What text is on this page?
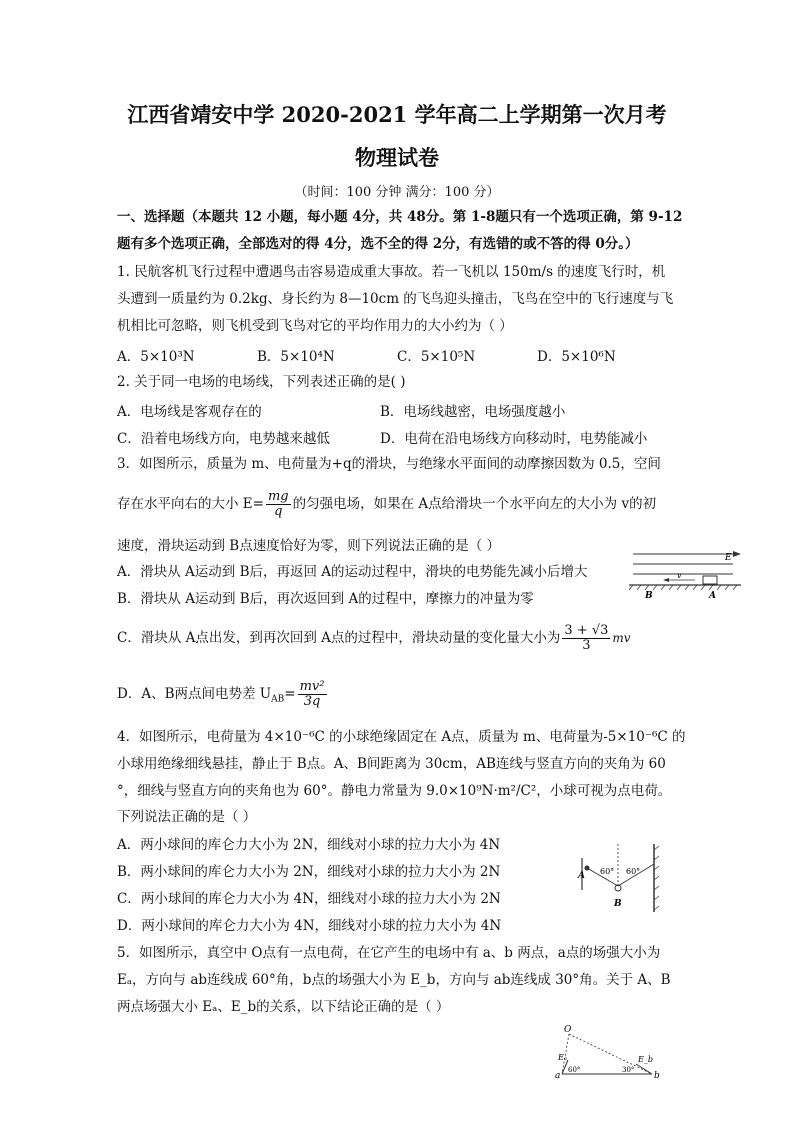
江西省靖安中学 2020-2021 学年高二上学期第一次月考
物理试卷
（时间：100 分钟 满分：100 分）
一、选择题（本题共 12 小题，每小题 4分，共 48分。第 1-8题只有一个选项正确，第 9-12
题有多个选项正确，全部选对的得 4分，选不全的得 2分，有选错的或不答的得 0分。）
1. 民航客机飞行过程中遭遇鸟击容易造成重大事故。若一飞机以 150m/s 的速度飞行时，机
头遭到一质量约为 0.2kg、身长约为 8—10cm 的飞鸟迎头撞击，飞鸟在空中的飞行速度与飞
机相比可忽略，则飞机受到飞鸟对它的平均作用力的大小约为（ ）
A．5×10³N	B．5×10⁴N	C．5×10⁵N	D．5×10⁶N
2. 关于同一电场的电场线，下列表述正确的是( )
A．电场线是客观存在的	B．电场线越密，电场强度越小
C．沿着电场线方向，电势越来越低	D．电荷在沿电场线方向移动时，电势能减小
3．如图所示，质量为 m、电荷量为+q的滑块，与绝缘水平面间的动摩擦因数为 0.5，空间
存在水平向右的大小 $E= \frac{mg}{q}$ 的匀强电场，如果在 A点给滑块一个水平向左的大小为 v的初
速度，滑块运动到 B点速度恰好为零，则下列说法正确的是（ ）
A．滑块从 A运动到 B后，再返回 A的运动过程中，滑块的电势能先减小后增大
B．滑块从 A运动到 B后，再次返回到 A的过程中，摩擦力的冲量为零
C．滑块从 A点出发，到再次回到 A点的过程中，滑块动量的变化量大小为 $\frac{3 + √3}{3}$ mv
D．A、B两点间电势差 $U_{AB}= \frac{\text{mv²}}{3q}$
E
v
B	A
4．如图所示，电荷量为 4×10⁻⁶C 的小球绝缘固定在 A点，质量为 m、电荷量为-5×10⁻⁶C 的
小球用绝缘细线悬挂，静止于 B点。A、B间距离为 30cm，AB连线与竖直方向的夹角为 60
°，细线与竖直方向的夹角也为 60°。静电力常量为 9.0×10⁹N·m²/C²，小球可视为点电荷。
下列说法正确的是（ ）
A．两小球间的库仑力大小为 2N，细线对小球的拉力大小为 4N
B．两小球间的库仑力大小为 2N，细线对小球的拉力大小为 2N
C．两小球间的库仑力大小为 4N，细线对小球的拉力大小为 2N
D．两小球间的库仑力大小为 4N，细线对小球的拉力大小为 4N
A
B
60° 60°
5．如图所示，真空中 O点有一点电荷，在它产生的电场中有 a、b 两点，a点的场强大小为
Eₐ，方向与 ab连线成 60°角，b点的场强大小为 E_b，方向与 ab连线成 30°角。关于 A、B
两点场强大小 Eₐ、E_b的关系，以下结论正确的是（ ）
O
Eₐ	E_b
a	b
60°	30°
